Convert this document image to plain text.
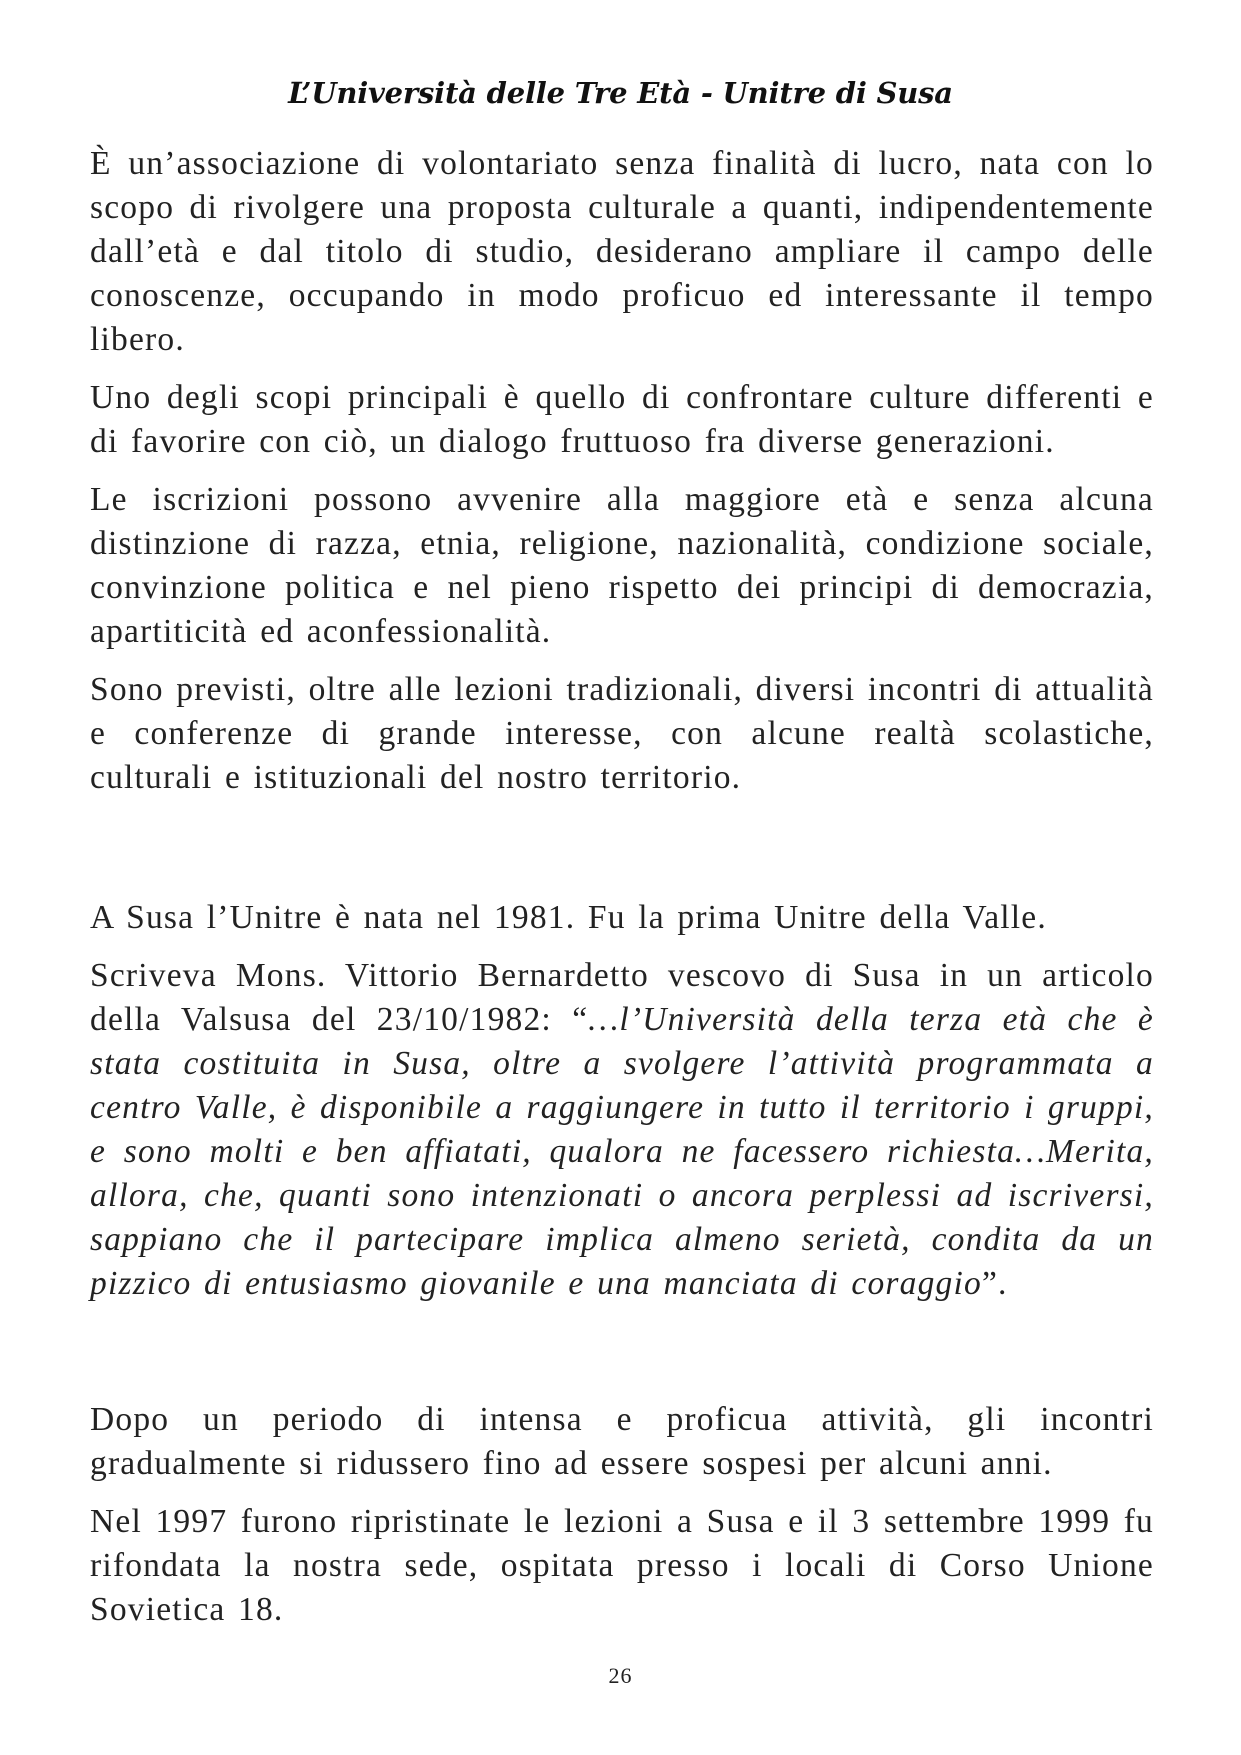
L’Università delle Tre Età - Unitre di Susa

È un’associazione di volontariato senza finalità di lucro, nata con lo scopo di rivolgere una proposta culturale a quanti, indipendentemente dall’età e dal titolo di studio, desiderano ampliare il campo delle conoscenze, occupando in modo proficuo ed interessante il tempo libero.

Uno degli scopi principali è quello di confrontare culture differenti e di favorire con ciò, un dialogo fruttuoso fra diverse generazioni.

Le iscrizioni possono avvenire alla maggiore età e senza alcuna distinzione di razza, etnia, religione, nazionalità, condizione sociale, convinzione politica e nel pieno rispetto dei principi di democrazia, apartiticità ed aconfessionalità.

Sono previsti, oltre alle lezioni tradizionali, diversi incontri di attualità e conferenze di grande interesse, con alcune realtà scolastiche, culturali e istituzionali del nostro territorio.

A Susa l’Unitre è nata nel 1981. Fu la prima Unitre della Valle.

Scriveva Mons. Vittorio Bernardetto vescovo di Susa in un articolo della Valsusa del 23/10/1982: “…l’Università della terza età che è stata costituita in Susa, oltre a svolgere l’attività programmata a centro Valle, è disponibile a raggiungere in tutto il territorio i gruppi, e sono molti e ben affiatati, qualora ne facessero richiesta…Merita, allora, che, quanti sono intenzionati o ancora perplessi ad iscriversi, sappiano che il partecipare implica almeno serietà, condita da un pizzico di entusiasmo giovanile e una manciata di coraggio”.

Dopo un periodo di intensa e proficua attività, gli incontri gradualmente si ridussero fino ad essere sospesi per alcuni anni.

Nel 1997 furono ripristinate le lezioni a Susa e il 3 settembre 1999 fu rifondata la nostra sede, ospitata presso i locali di Corso Unione Sovietica 18.

26
